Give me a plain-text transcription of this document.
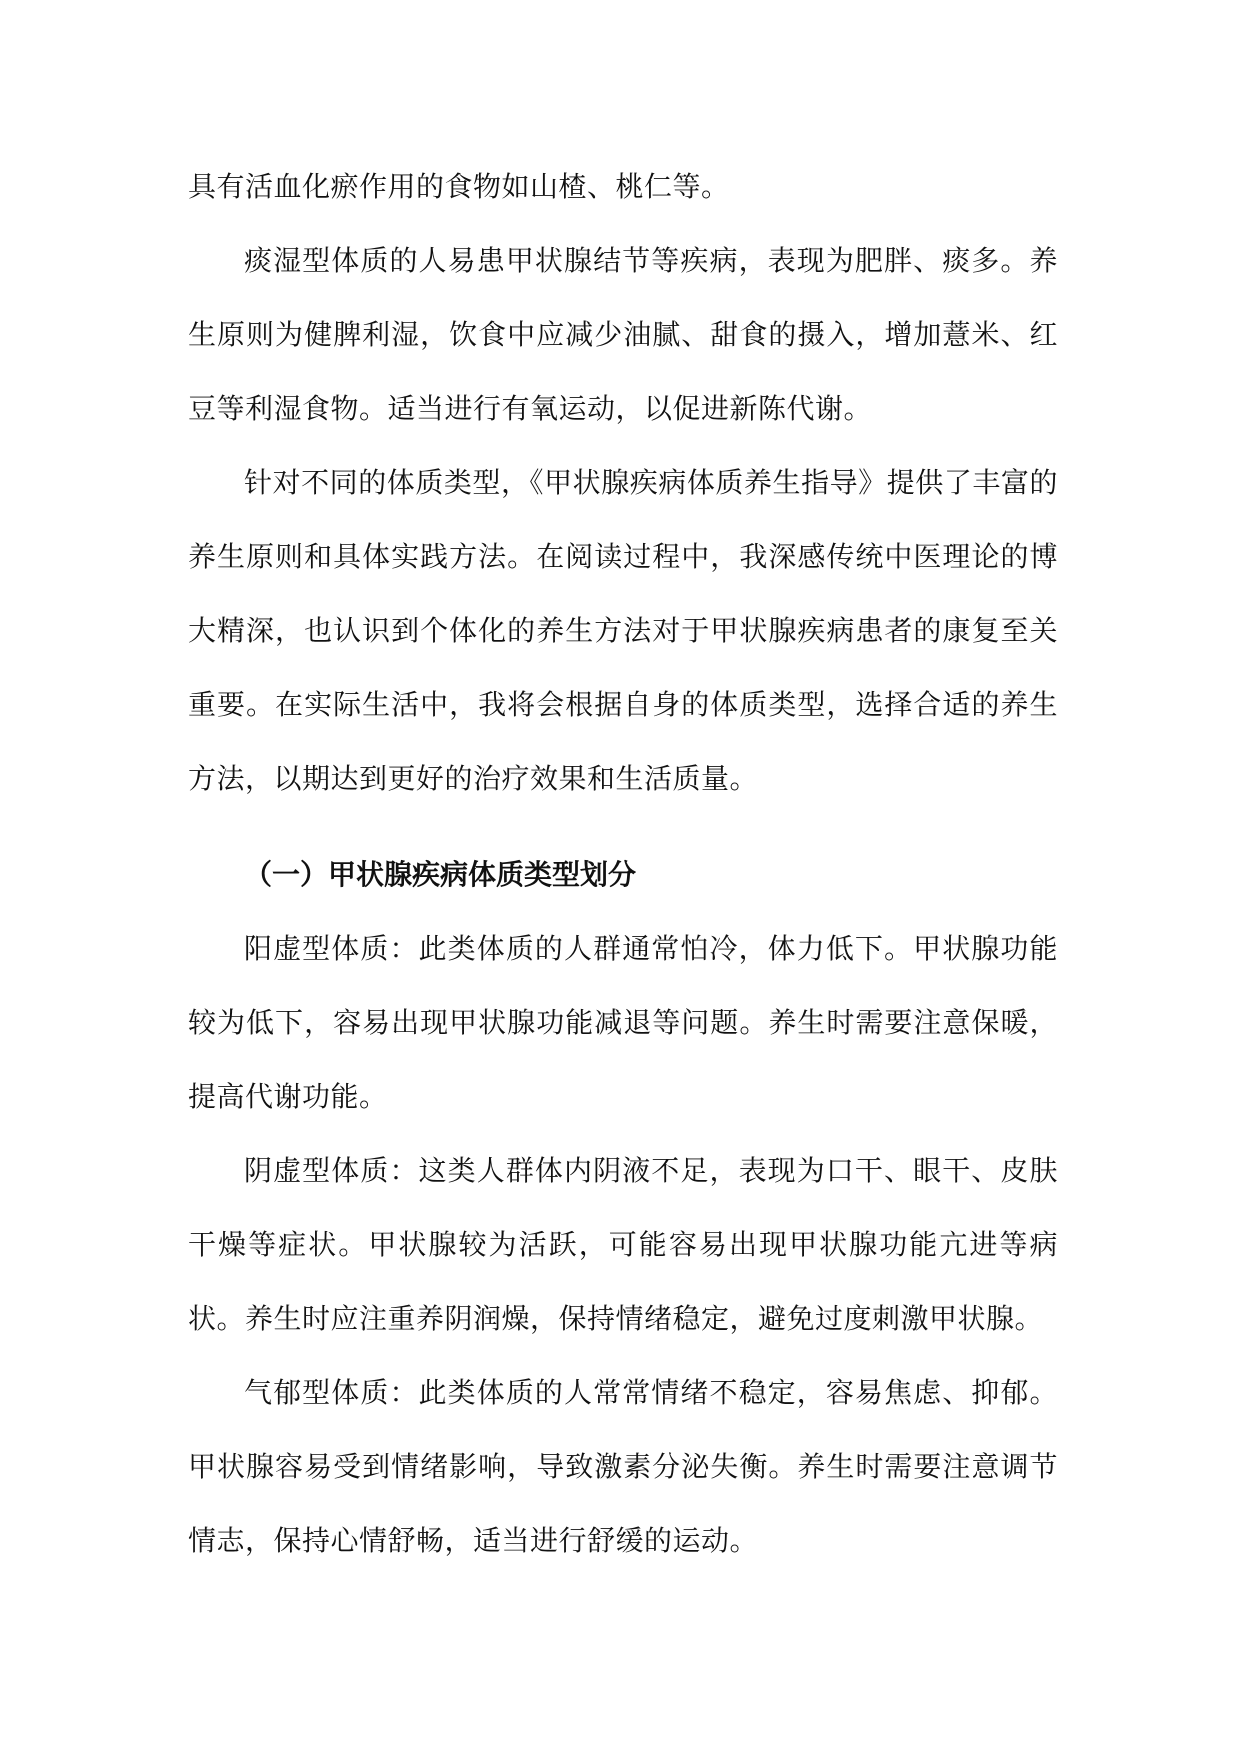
具有活血化瘀作用的食物如山楂、桃仁等。

痰湿型体质的人易患甲状腺结节等疾病，表现为肥胖、痰多。养生原则为健脾利湿，饮食中应减少油腻、甜食的摄入，增加薏米、红豆等利湿食物。适当进行有氧运动，以促进新陈代谢。

针对不同的体质类型，《甲状腺疾病体质养生指导》提供了丰富的养生原则和具体实践方法。在阅读过程中，我深感传统中医理论的博大精深，也认识到个体化的养生方法对于甲状腺疾病患者的康复至关重要。在实际生活中，我将会根据自身的体质类型，选择合适的养生方法，以期达到更好的治疗效果和生活质量。

（一）甲状腺疾病体质类型划分

阳虚型体质：此类体质的人群通常怕冷，体力低下。甲状腺功能较为低下，容易出现甲状腺功能减退等问题。养生时需要注意保暖，提高代谢功能。

阴虚型体质：这类人群体内阴液不足，表现为口干、眼干、皮肤干燥等症状。甲状腺较为活跃，可能容易出现甲状腺功能亢进等病状。养生时应注重养阴润燥，保持情绪稳定，避免过度刺激甲状腺。

气郁型体质：此类体质的人常常情绪不稳定，容易焦虑、抑郁。甲状腺容易受到情绪影响，导致激素分泌失衡。养生时需要注意调节情志，保持心情舒畅，适当进行舒缓的运动。
